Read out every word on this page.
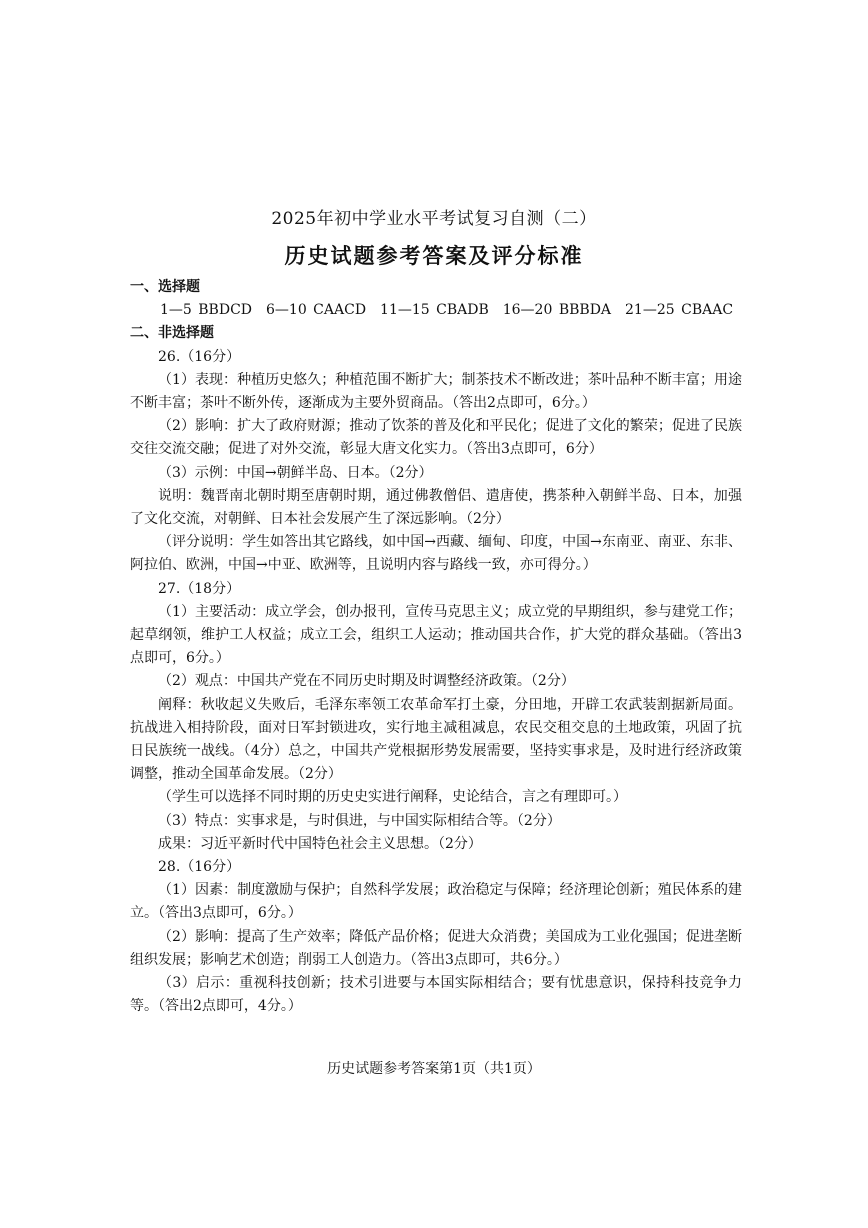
2025年初中学业水平考试复习自测（二）
历史试题参考答案及评分标准

一、选择题

1—5 BBDCD　6—10 CAACD　11—15 CBADB　16—20 BBBDA　21—25 CBAAC

二、非选择题

26.（16分）

（1）表现：种植历史悠久；种植范围不断扩大；制茶技术不断改进；茶叶品种不断丰富；用途不断丰富；茶叶不断外传，逐渐成为主要外贸商品。（答出2点即可，6分。）

（2）影响：扩大了政府财源；推动了饮茶的普及化和平民化；促进了文化的繁荣；促进了民族交往交流交融；促进了对外交流，彰显大唐文化实力。（答出3点即可，6分）

（3）示例：中国→朝鲜半岛、日本。（2分）

说明：魏晋南北朝时期至唐朝时期，通过佛教僧侣、遣唐使，携茶种入朝鲜半岛、日本，加强了文化交流，对朝鲜、日本社会发展产生了深远影响。（2分）

（评分说明：学生如答出其它路线，如中国→西藏、缅甸、印度，中国→东南亚、南亚、东非、阿拉伯、欧洲，中国→中亚、欧洲等，且说明内容与路线一致，亦可得分。）

27.（18分）

（1）主要活动：成立学会，创办报刊，宣传马克思主义；成立党的早期组织，参与建党工作；起草纲领，维护工人权益；成立工会，组织工人运动；推动国共合作，扩大党的群众基础。（答出3点即可，6分。）

（2）观点：中国共产党在不同历史时期及时调整经济政策。（2分）

阐释：秋收起义失败后，毛泽东率领工农革命军打土豪，分田地，开辟工农武装割据新局面。抗战进入相持阶段，面对日军封锁进攻，实行地主减租减息，农民交租交息的土地政策，巩固了抗日民族统一战线。（4分）总之，中国共产党根据形势发展需要，坚持实事求是，及时进行经济政策调整，推动全国革命发展。（2分）

（学生可以选择不同时期的历史史实进行阐释，史论结合，言之有理即可。）

（3）特点：实事求是，与时俱进，与中国实际相结合等。（2分）

成果：习近平新时代中国特色社会主义思想。（2分）

28.（16分）

（1）因素：制度激励与保护；自然科学发展；政治稳定与保障；经济理论创新；殖民体系的建立。（答出3点即可，6分。）

（2）影响：提高了生产效率；降低产品价格；促进大众消费；美国成为工业化强国；促进垄断组织发展；影响艺术创造；削弱工人创造力。（答出3点即可，共6分。）

（3）启示：重视科技创新；技术引进要与本国实际相结合；要有忧患意识，保持科技竞争力等。（答出2点即可，4分。）

历史试题参考答案第1页（共1页）
